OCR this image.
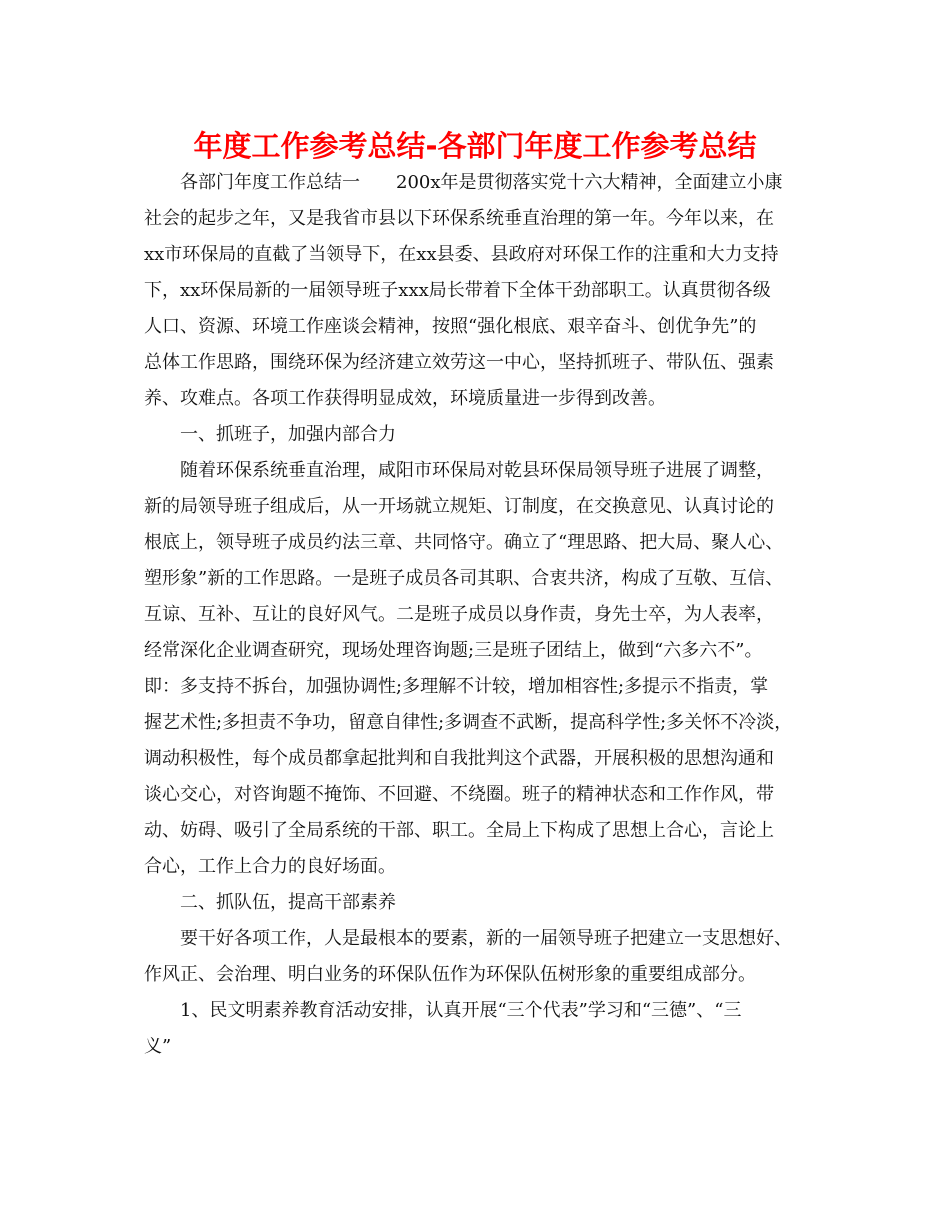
年度工作参考总结-各部门年度工作参考总结

　　各部门年度工作总结一　　200x年是贯彻落实党十六大精神，全面建立小康

社会的起步之年，又是我省市县以下环保系统垂直治理的第一年。今年以来，在

xx市环保局的直截了当领导下，在xx县委、县政府对环保工作的注重和大力支持

下，xx环保局新的一届领导班子xxx局长带着下全体干劲部职工。认真贯彻各级

人口、资源、环境工作座谈会精神，按照“强化根底、艰辛奋斗、创优争先”的

总体工作思路，围绕环保为经济建立效劳这一中心，坚持抓班子、带队伍、强素

养、攻难点。各项工作获得明显成效，环境质量进一步得到改善。

　　一、抓班子，加强内部合力

　　随着环保系统垂直治理，咸阳市环保局对乾县环保局领导班子进展了调整，

新的局领导班子组成后，从一开场就立规矩、订制度，在交换意见、认真讨论的

根底上，领导班子成员约法三章、共同恪守。确立了“理思路、把大局、聚人心、

塑形象”新的工作思路。一是班子成员各司其职、合衷共济，构成了互敬、互信、

互谅、互补、互让的良好风气。二是班子成员以身作责，身先士卒，为人表率，

经常深化企业调查研究，现场处理咨询题;三是班子团结上，做到“六多六不”。

即：多支持不拆台，加强协调性;多理解不计较，增加相容性;多提示不指责，掌

握艺术性;多担责不争功，留意自律性;多调查不武断，提高科学性;多关怀不冷淡，

调动积极性，每个成员都拿起批判和自我批判这个武器，开展积极的思想沟通和

谈心交心，对咨询题不掩饰、不回避、不绕圈。班子的精神状态和工作作风，带

动、妨碍、吸引了全局系统的干部、职工。全局上下构成了思想上合心，言论上

合心，工作上合力的良好场面。

　　二、抓队伍，提高干部素养

　　要干好各项工作，人是最根本的要素，新的一届领导班子把建立一支思想好、

作风正、会治理、明白业务的环保队伍作为环保队伍树形象的重要组成部分。

　　1、民文明素养教育活动安排，认真开展“三个代表”学习和“三德”、“三

义”
